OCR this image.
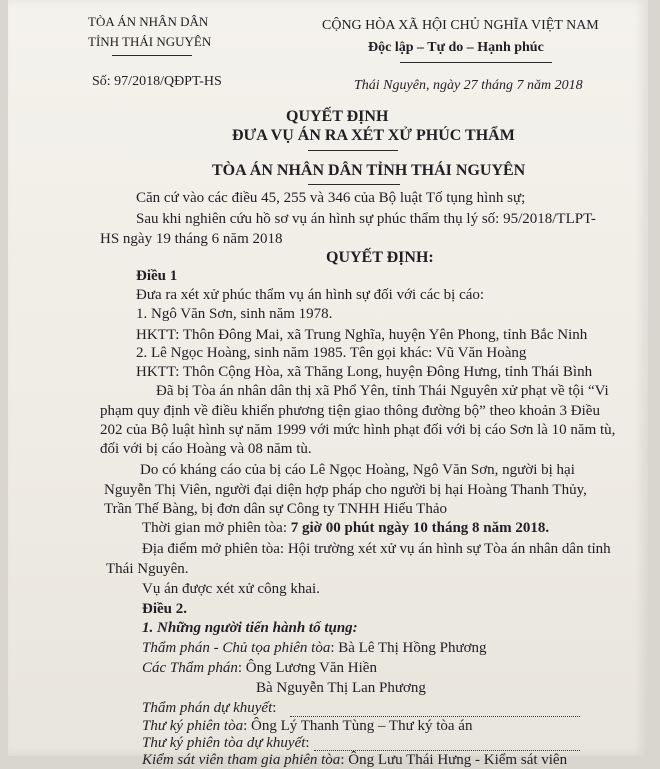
TÒA ÁN NHÂN DÂN
TỈNH THÁI NGUYÊN
CỘNG HÒA XÃ HỘI CHỦ NGHĨA VIỆT NAM
Độc lập – Tự do – Hạnh phúc
Số: 97/2018/QĐPT-HS	Thái Nguyên, ngày 27 tháng 7 năm 2018
QUYẾT ĐỊNH
ĐƯA VỤ ÁN RA XÉT XỬ PHÚC THẨM
TÒA ÁN NHÂN DÂN TỈNH THÁI NGUYÊN
Căn cứ vào các điều 45, 255 và 346 của Bộ luật Tố tụng hình sự;
Sau khi nghiên cứu hồ sơ vụ án hình sự phúc thẩm thụ lý số: 95/2018/TLPT-
HS ngày 19 tháng 6 năm 2018
QUYẾT ĐỊNH:
Điều 1
Đưa ra xét xử phúc thẩm vụ án hình sự đối với các bị cáo:
1. Ngô Văn Sơn, sinh năm 1978.
HKTT: Thôn Đông Mai, xã Trung Nghĩa, huyện Yên Phong, tỉnh Bắc Ninh
2. Lê Ngọc Hoàng, sinh năm 1985. Tên gọi khác: Vũ Văn Hoàng
HKTT: Thôn Cộng Hòa, xã Thăng Long, huyện Đông Hưng, tỉnh Thái Bình
Đã bị Tòa án nhân dân thị xã Phổ Yên, tỉnh Thái Nguyên xử phạt về tội “Vi
phạm quy định về điều khiển phương tiện giao thông đường bộ” theo khoản 3 Điều
202 của Bộ luật hình sự năm 1999 với mức hình phạt đối với bị cáo Sơn là 10 năm tù,
đối với bị cáo Hoàng và 08 năm tù.
Do có kháng cáo của bị cáo Lê Ngọc Hoàng, Ngô Văn Sơn, người bị hại
Nguyễn Thị Viên, người đại diện hợp pháp cho người bị hại Hoàng Thanh Thủy,
Trần Thế Bàng, bị đơn dân sự Công ty TNHH Hiếu Thảo
Thời gian mở phiên tòa: 7 giờ 00 phút ngày 10 tháng 8 năm 2018.
Địa điểm mở phiên tòa: Hội trường xét xử vụ án hình sự Tòa án nhân dân tỉnh
Thái Nguyên.
Vụ án được xét xử công khai.
Điều 2.
1. Những người tiến hành tố tụng:
Thẩm phán - Chủ tọa phiên tòa: Bà Lê Thị Hồng Phương
Các Thẩm phán: Ông Lương Văn Hiền
Bà Nguyễn Thị Lan Phương
Thẩm phán dự khuyết:
Thư ký phiên tòa: Ông Lý Thanh Tùng – Thư ký tòa án
Thư ký phiên tòa dự khuyết:
Kiểm sát viên tham gia phiên tòa: Ông Lưu Thái Hưng - Kiểm sát viên
